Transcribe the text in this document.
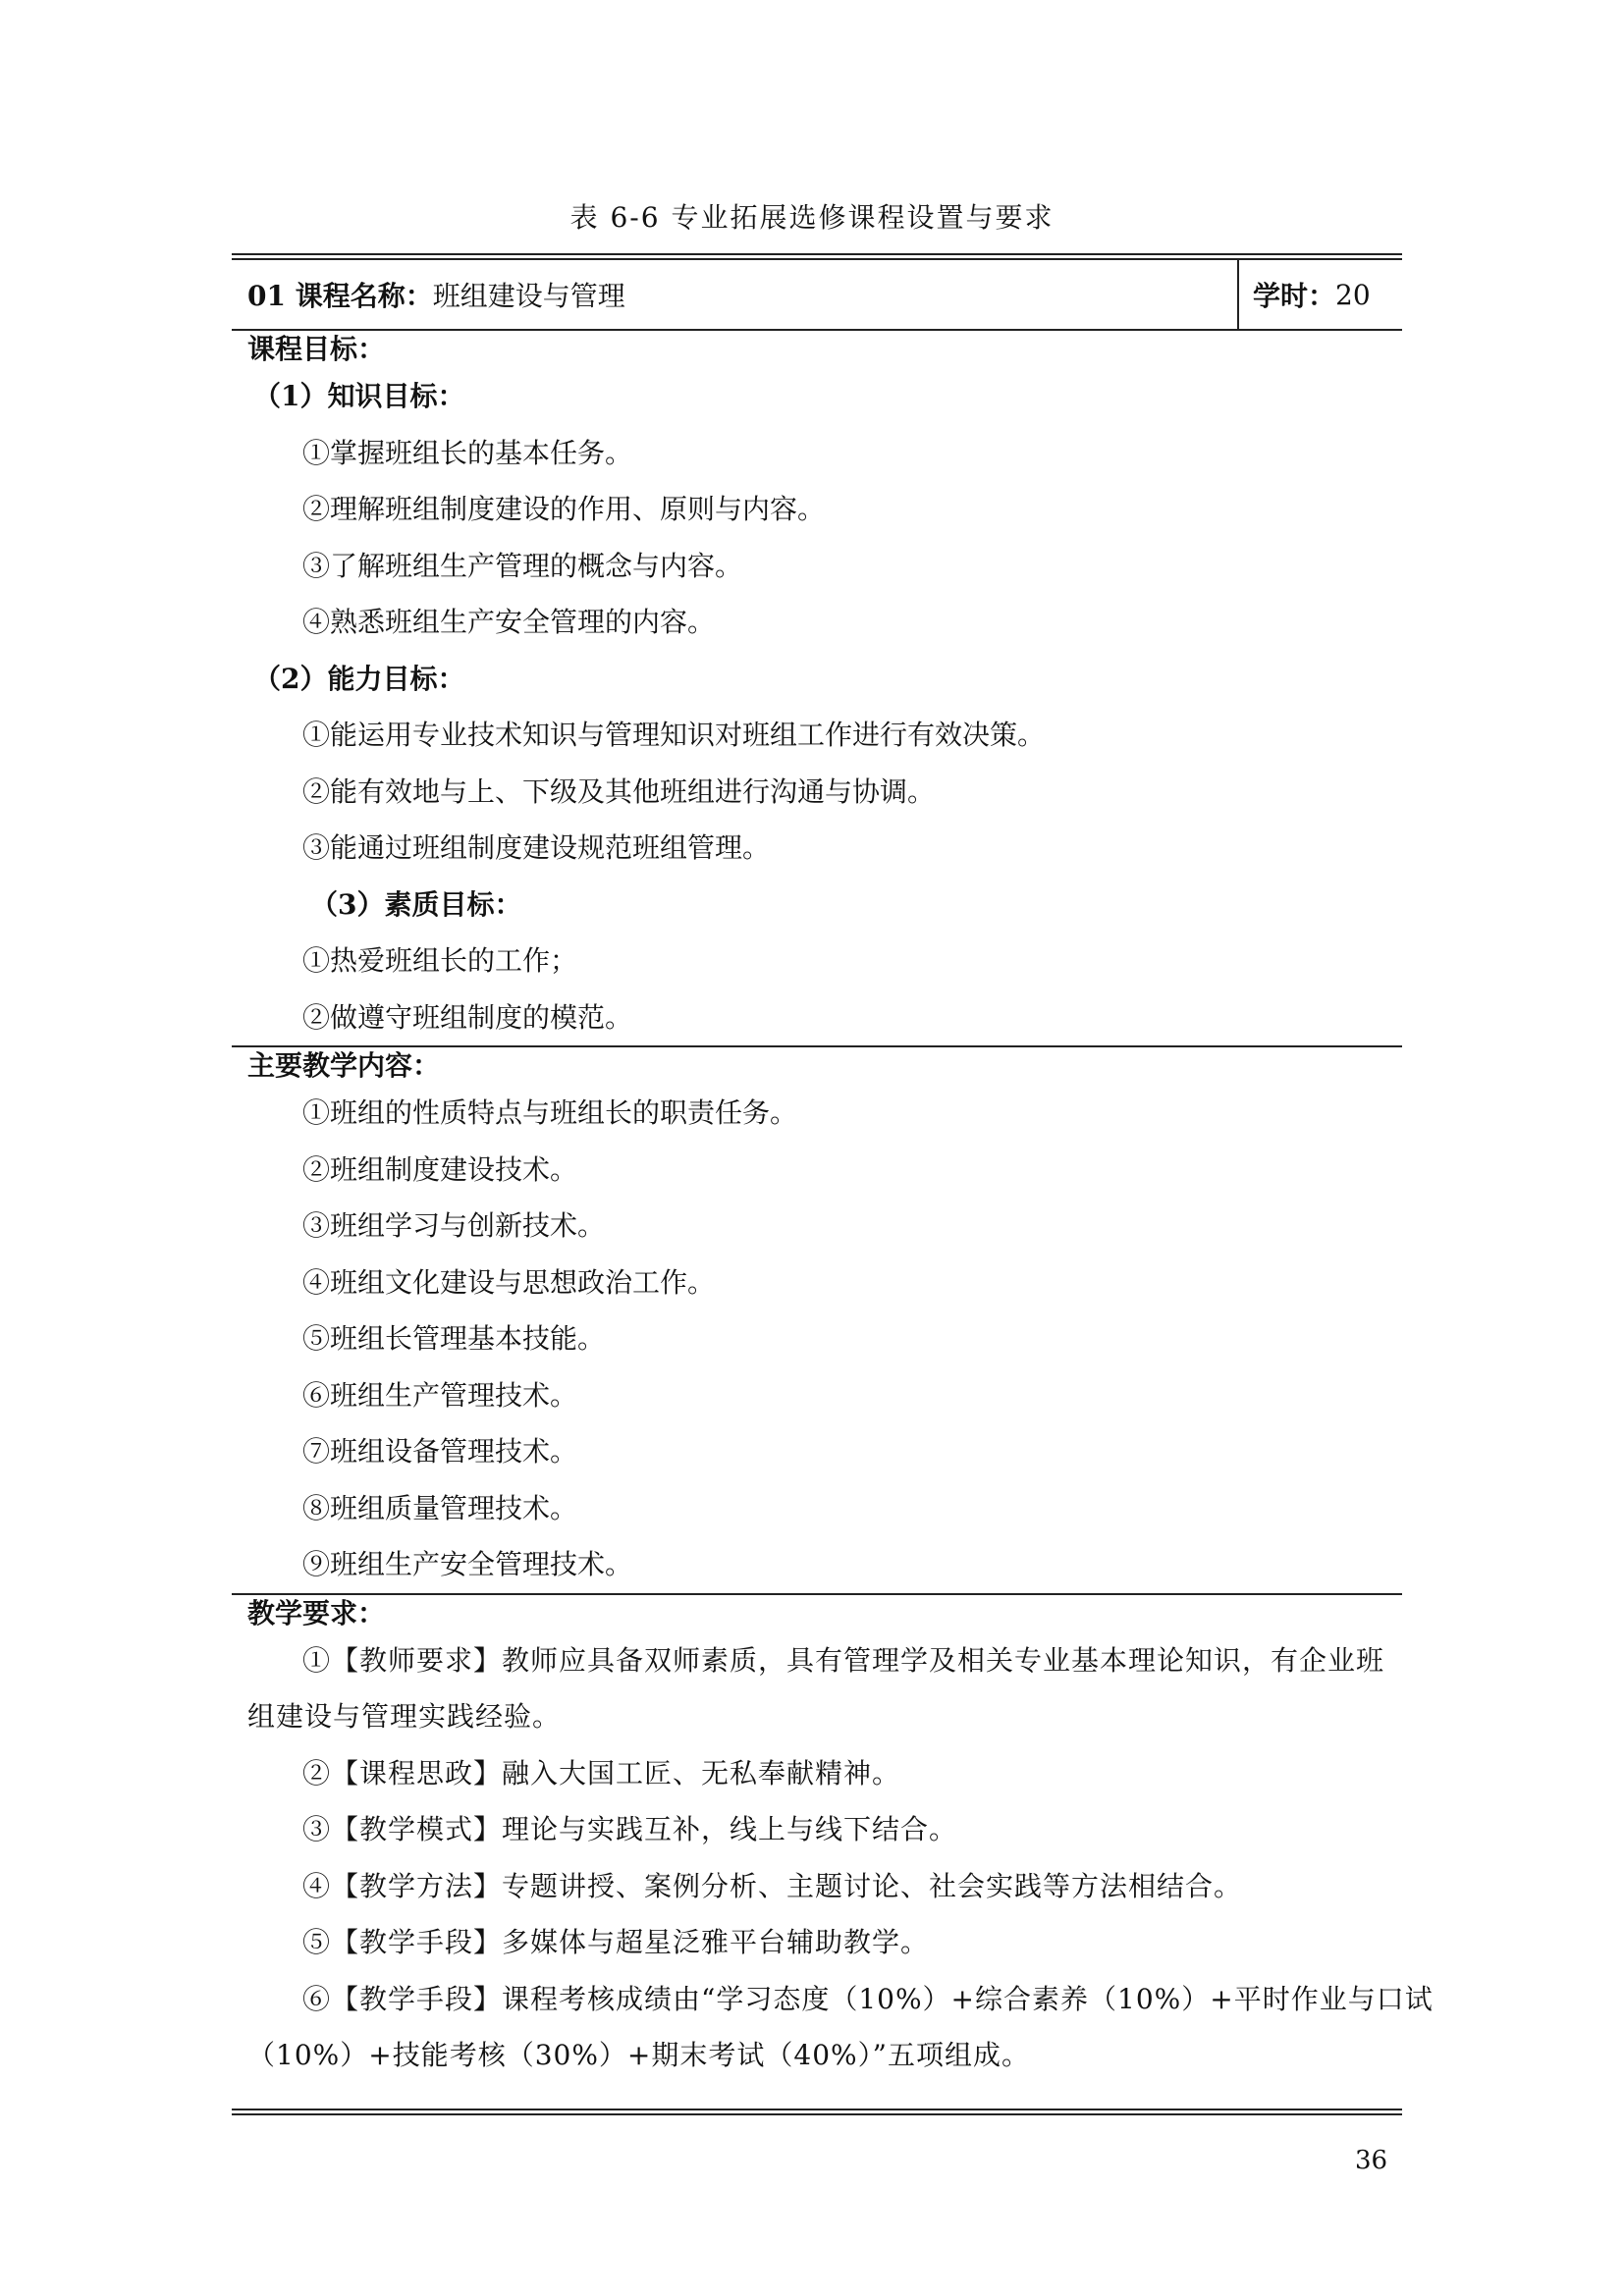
表 6-6 专业拓展选修课程设置与要求
01 课程名称： 班组建设与管理	学时： 20
课程目标：
（1）知识目标：
①掌握班组长的基本任务。
②理解班组制度建设的作用、原则与内容。
③了解班组生产管理的概念与内容。
④熟悉班组生产安全管理的内容。
（2）能力目标：
①能运用专业技术知识与管理知识对班组工作进行有效决策。
②能有效地与上、下级及其他班组进行沟通与协调。
③能通过班组制度建设规范班组管理。
（3）素质目标：
①热爱班组长的工作；
②做遵守班组制度的模范。
主要教学内容：
①班组的性质特点与班组长的职责任务。
②班组制度建设技术。
③班组学习与创新技术。
④班组文化建设与思想政治工作。
⑤班组长管理基本技能。
⑥班组生产管理技术。
⑦班组设备管理技术。
⑧班组质量管理技术。
⑨班组生产安全管理技术。
教学要求：
①【教师要求】教师应具备双师素质，具有管理学及相关专业基本理论知识，有企业班
组建设与管理实践经验。
②【课程思政】融入大国工匠、无私奉献精神。
③【教学模式】理论与实践互补，线上与线下结合。
④【教学方法】专题讲授、案例分析、主题讨论、社会实践等方法相结合。
⑤【教学手段】多媒体与超星泛雅平台辅助教学。
⑥【教学手段】课程考核成绩由“学习态度（10%）+综合素养（10%）+平时作业与口试
（10%）+技能考核（30%）+期末考试（40%）”五项组成。
36
